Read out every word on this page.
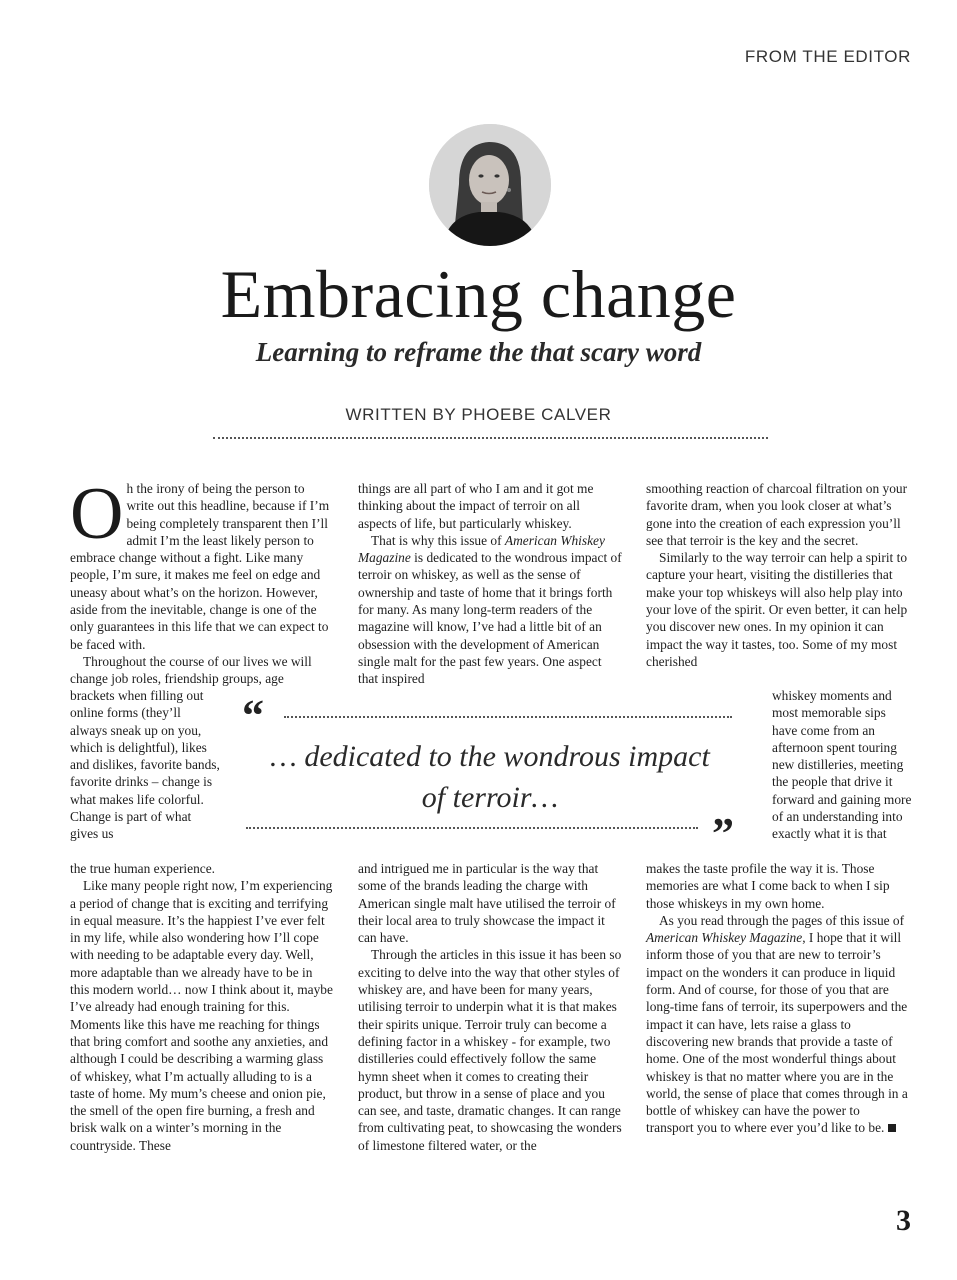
FROM THE EDITOR
Embracing change
Learning to reframe the that scary word
WRITTEN BY PHOEBE CALVER

Oh the irony of being the person to write out this headline, because if I’m being completely transparent then I’ll admit I’m the least likely person to embrace change without a fight. Like many people, I’m sure, it makes me feel on edge and uneasy about what’s on the horizon. However, aside from the inevitable, change is one of the only guarantees in this life that we can expect to be faced with.

Throughout the course of our lives we will change job roles, friendship groups, age

brackets when filling out online forms (they’ll always sneak up on you, which is delightful), likes and dislikes, favorite bands, favorite drinks – change is what makes life colorful. Change is part of what gives us

the true human experience.

Like many people right now, I’m experiencing a period of change that is exciting and terrifying in equal measure. It’s the happiest I’ve ever felt in my life, while also wondering how I’ll cope with needing to be adaptable every day. Well, more adaptable than we already have to be in this modern world… now I think about it, maybe I’ve already had enough training for this. Moments like this have me reaching for things that bring comfort and soothe any anxieties, and although I could be describing a warming glass of whiskey, what I’m actually alluding to is a taste of home. My mum’s cheese and onion pie, the smell of the open fire burning, a fresh and brisk walk on a winter’s morning in the countryside. These

things are all part of who I am and it got me thinking about the impact of terroir on all aspects of life, but particularly whiskey.

That is why this issue of American Whiskey Magazine is dedicated to the wondrous impact of terroir on whiskey, as well as the sense of ownership and taste of home that it brings forth for many. As many long-term readers of the magazine will know, I’ve had a little bit of an obsession with the development of American single malt for the past few years. One aspect that inspired

and intrigued me in particular is the way that some of the brands leading the charge with American single malt have utilised the terroir of their local area to truly showcase the impact it can have.

Through the articles in this issue it has been so exciting to delve into the way that other styles of whiskey are, and have been for many years, utilising terroir to underpin what it is that makes their spirits unique. Terroir truly can become a defining factor in a whiskey - for example, two distilleries could effectively follow the same hymn sheet when it comes to creating their product, but throw in a sense of place and you can see, and taste, dramatic changes. It can range from cultivating peat, to showcasing the wonders of limestone filtered water, or the

smoothing reaction of charcoal filtration on your favorite dram, when you look closer at what’s gone into the creation of each expression you’ll see that terroir is the key and the secret.

Similarly to the way terroir can help a spirit to capture your heart, visiting the distilleries that make your top whiskeys will also help play into your love of the spirit. Or even better, it can help you discover new ones. In my opinion it can impact the way it tastes, too. Some of my most cherished

whiskey moments and most memorable sips have come from an afternoon spent touring new distilleries, meeting the people that drive it forward and gaining more of an understanding into exactly what it is that

makes the taste profile the way it is. Those memories are what I come back to when I sip those whiskeys in my own home.

As you read through the pages of this issue of American Whiskey Magazine, I hope that it will inform those of you that are new to terroir’s impact on the wonders it can produce in liquid form. And of course, for those of you that are long-time fans of terroir, its superpowers and the impact it can have, lets raise a glass to discovering new brands that provide a taste of home. One of the most wonderful things about whiskey is that no matter where you are in the world, the sense of place that comes through in a bottle of whiskey can have the power to transport you to where ever you’d like to be.

“
… dedicated to the wondrous impact of terroir…
”
3
